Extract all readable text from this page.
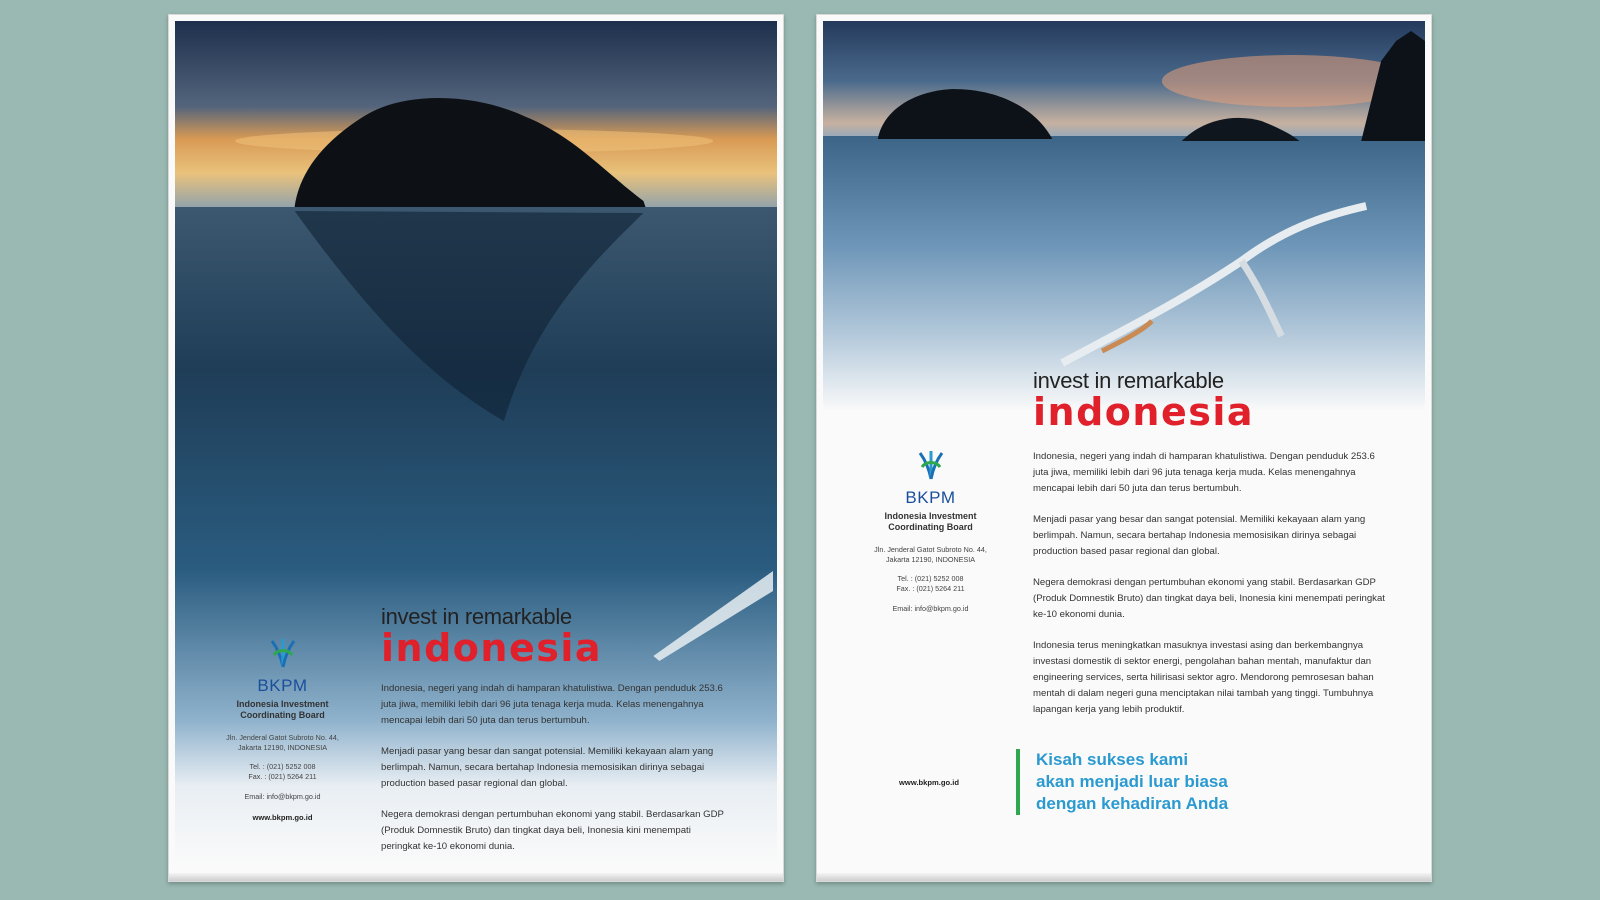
invest in remarkable
indonesia
BKPM
Indonesia Investment
Coordinating Board
Jln. Jenderal Gatot Subroto No. 44,
Jakarta 12190, INDONESIA
Tel. : (021) 5252 008
Fax. : (021) 5264 211
Email: info@bkpm.go.id
www.bkpm.go.id

Indonesia, negeri yang indah di hamparan khatulistiwa. Dengan penduduk 253.6 juta jiwa, memiliki lebih dari 96 juta tenaga kerja muda. Kelas menengahnya mencapai lebih dari 50 juta dan terus bertumbuh.

Menjadi pasar yang besar dan sangat potensial. Memiliki kekayaan alam yang berlimpah. Namun, secara bertahap Indonesia memosisikan dirinya sebagai production based pasar regional dan global.

Negera demokrasi dengan pertumbuhan ekonomi yang stabil. Berdasarkan GDP (Produk Domnestik Bruto) dan tingkat daya beli, Inonesia kini menempati peringkat ke-10 ekonomi dunia.

invest in remarkable
indonesia
BKPM
Indonesia Investment
Coordinating Board
Jln. Jenderal Gatot Subroto No. 44,
Jakarta 12190, INDONESIA
Tel. : (021) 5252 008
Fax. : (021) 5264 211
Email: info@bkpm.go.id
www.bkpm.go.id

Indonesia, negeri yang indah di hamparan khatulistiwa. Dengan penduduk 253.6 juta jiwa, memiliki lebih dari 96 juta tenaga kerja muda. Kelas menengahnya mencapai lebih dari 50 juta dan terus bertumbuh.

Menjadi pasar yang besar dan sangat potensial. Memiliki kekayaan alam yang berlimpah. Namun, secara bertahap Indonesia memosisikan dirinya sebagai production based pasar regional dan global.

Negera demokrasi dengan pertumbuhan ekonomi yang stabil. Berdasarkan GDP (Produk Domnestik Bruto) dan tingkat daya beli, Inonesia kini menempati peringkat ke-10 ekonomi dunia.

Indonesia terus meningkatkan masuknya investasi asing dan berkembangnya investasi domestik di sektor energi, pengolahan bahan mentah, manufaktur dan engineering services, serta hilirisasi sektor agro. Mendorong pemrosesan bahan mentah di dalam negeri guna menciptakan nilai tambah yang tinggi. Tumbuhnya lapangan kerja yang lebih produktif.

Kisah sukses kami
akan menjadi luar biasa
dengan kehadiran Anda
